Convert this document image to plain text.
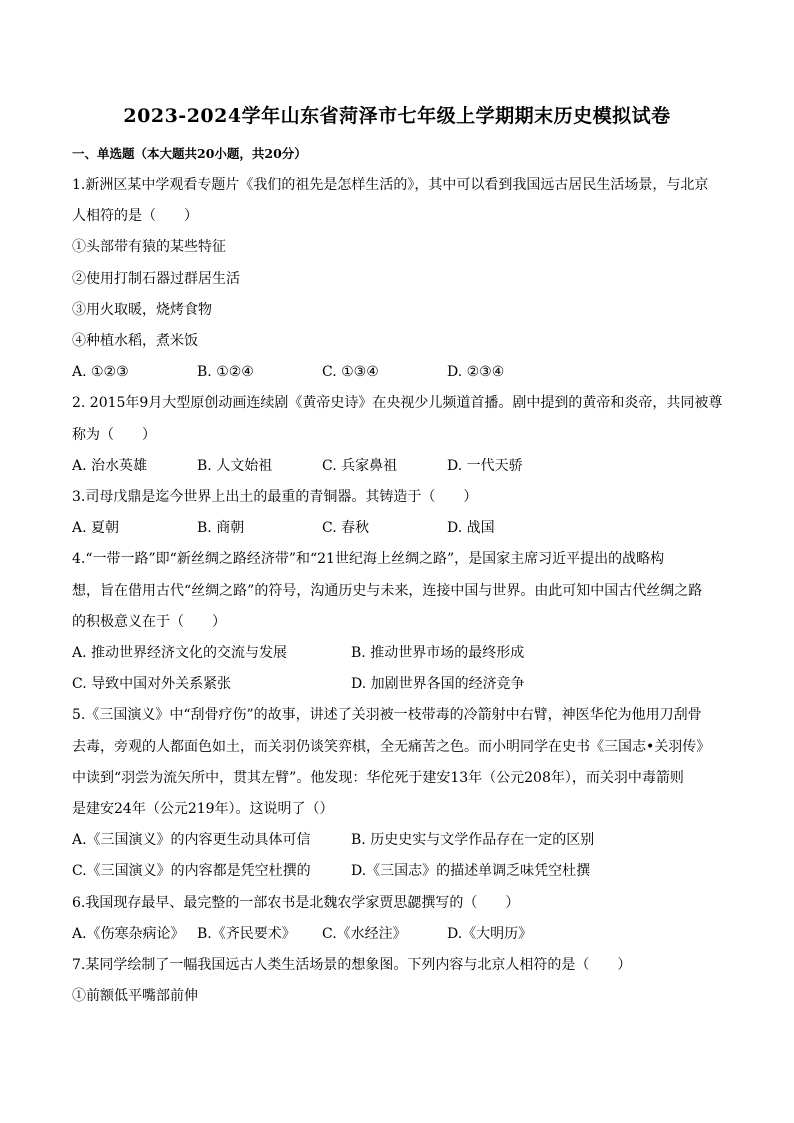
2023-2024学年山东省菏泽市七年级上学期期末历史模拟试卷
一、单选题（本大题共20小题，共20分）
1.新洲区某中学观看专题片《我们的祖先是怎样生活的》，其中可以看到我国远古居民生活场景，与北京
人相符的是（　　）
①头部带有猿的某些特征
②使用打制石器过群居生活
③用火取暖，烧烤食物
④种植水稻，煮米饭
A. ①②③	B. ①②④	C. ①③④	D. ②③④
2. 2015年9月大型原创动画连续剧《黄帝史诗》在央视少儿频道首播。剧中提到的黄帝和炎帝，共同被尊
称为（　　）
A. 治水英雄	B. 人文始祖	C. 兵家鼻祖	D. 一代天骄
3.司母戊鼎是迄今世界上出土的最重的青铜器。其铸造于（　　）
A. 夏朝	B. 商朝	C. 春秋	D. 战国
4.“一带一路”即“新丝绸之路经济带”和“21世纪海上丝绸之路”，是国家主席习近平提出的战略构
想，旨在借用古代“丝绸之路”的符号，沟通历史与未来，连接中国与世界。由此可知中国古代丝绸之路
的积极意义在于（　　）
A. 推动世界经济文化的交流与发展	B. 推动世界市场的最终形成
C. 导致中国对外关系紧张	D. 加剧世界各国的经济竞争
5.《三国演义》中“刮骨疗伤”的故事，讲述了关羽被一枝带毒的冷箭射中右臂，神医华佗为他用刀刮骨
去毒，旁观的人都面色如土，而关羽仍谈笑弈棋，全无痛苦之色。而小明同学在史书《三国志•关羽传》
中读到“羽尝为流矢所中，贯其左臂”。他发现：华佗死于建安13年（公元208年），而关羽中毒箭则
是建安24年（公元219年）。这说明了（）
A.《三国演义》的内容更生动具体可信	B. 历史史实与文学作品存在一定的区别
C.《三国演义》的内容都是凭空杜撰的	D.《三国志》的描述单调乏味凭空杜撰
6.我国现存最早、最完整的一部农书是北魏农学家贾思勰撰写的（　　）
A.《伤寒杂病论》 B.《齐民要术》	C.《水经注》	D.《大明历》
7.某同学绘制了一幅我国远古人类生活场景的想象图。下列内容与北京人相符的是（　　）
①前额低平嘴部前伸
